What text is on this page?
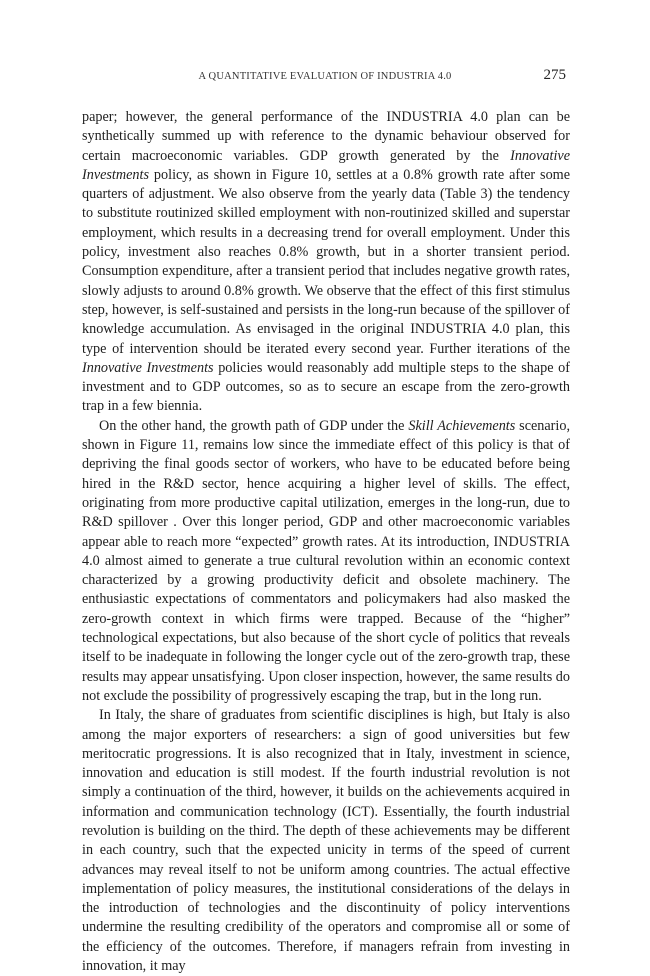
A QUANTITATIVE EVALUATION OF INDUSTRIA 4.0	275

paper; however, the general performance of the INDUSTRIA 4.0 plan can be synthetically summed up with reference to the dynamic behaviour observed for certain macroeconomic variables. GDP growth generated by the Innovative Investments policy, as shown in Figure 10, settles at a 0.8% growth rate after some quarters of adjustment. We also observe from the yearly data (Table 3) the tendency to substitute routinized skilled employment with non-routinized skilled and superstar employment, which results in a decreasing trend for overall employment. Under this policy, investment also reaches 0.8% growth, but in a shorter transient period. Consumption expenditure, after a transient period that includes negative growth rates, slowly adjusts to around 0.8% growth. We observe that the effect of this first stimulus step, however, is self-sustained and persists in the long-run because of the spillover of knowledge accumulation. As envisaged in the original INDUSTRIA 4.0 plan, this type of intervention should be iterated every second year. Further iterations of the Innovative Investments policies would reasonably add multiple steps to the shape of investment and to GDP outcomes, so as to secure an escape from the zero-growth trap in a few biennia.

On the other hand, the growth path of GDP under the Skill Achievements scenario, shown in Figure 11, remains low since the immediate effect of this policy is that of depriving the final goods sector of workers, who have to be educated before being hired in the R&D sector, hence acquiring a higher level of skills. The effect, originating from more productive capital utilization, emerges in the long-run, due to R&D spillover . Over this longer period, GDP and other macroeconomic variables appear able to reach more “expected” growth rates. At its introduction, INDUSTRIA 4.0 almost aimed to generate a true cultural revolution within an economic context characterized by a growing productivity deficit and obsolete machinery. The enthusiastic expectations of commentators and policymakers had also masked the zero-growth context in which firms were trapped. Because of the “higher” technological expectations, but also because of the short cycle of politics that reveals itself to be inadequate in following the longer cycle out of the zero-growth trap, these results may appear unsatisfying. Upon closer inspection, however, the same results do not exclude the possibility of progressively escaping the trap, but in the long run.

In Italy, the share of graduates from scientific disciplines is high, but Italy is also among the major exporters of researchers: a sign of good universities but few meritocratic progressions. It is also recognized that in Italy, investment in science, innovation and education is still modest. If the fourth industrial revolution is not simply a continuation of the third, however, it builds on the achievements acquired in information and communication technology (ICT). Essentially, the fourth industrial revolution is building on the third. The depth of these achievements may be different in each country, such that the expected unicity in terms of the speed of current advances may reveal itself to not be uniform among countries. The actual effective implementation of policy measures, the institutional considerations of the delays in the introduction of technologies and the discontinuity of policy interventions undermine the resulting credibility of the operators and compromise all or some of the efficiency of the outcomes. Therefore, if managers refrain from investing in innovation, it may
